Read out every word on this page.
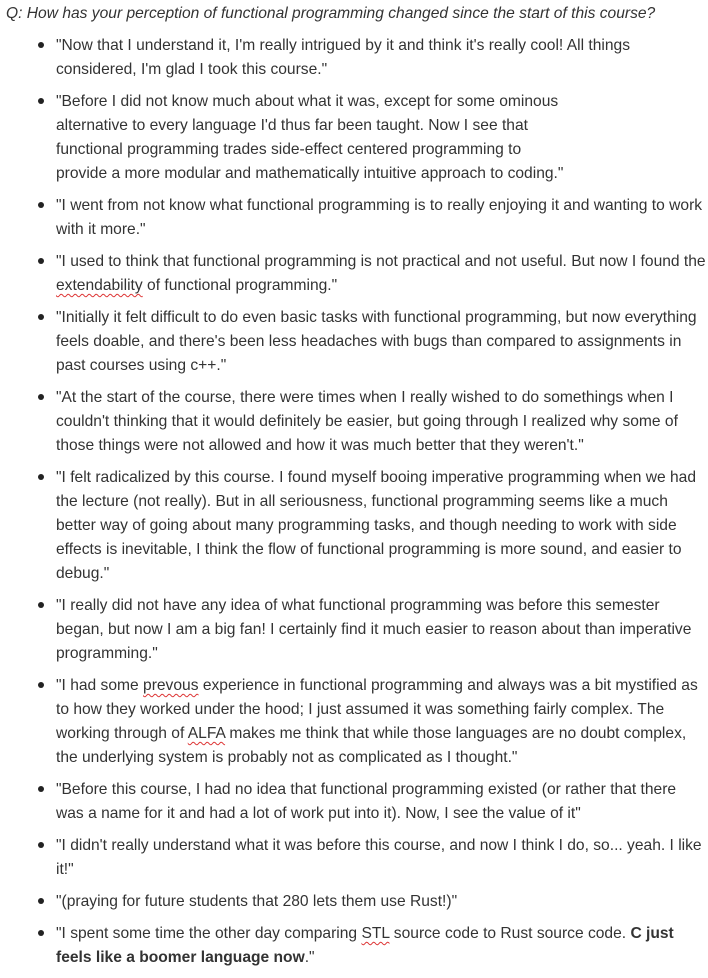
Q: How has your perception of functional programming changed since the start of this course?
"Now that I understand it, I'm really intrigued by it and think it's really cool! All things considered, I'm glad I took this course."
"Before I did not know much about what it was, except for some ominous
alternative to every language I'd thus far been taught. Now I see that
functional programming trades side-effect centered programming to
provide a more modular and mathematically intuitive approach to coding."
"I went from not know what functional programming is to really enjoying it and wanting to work with it more."
"I used to think that functional programming is not practical and not useful. But now I found the extendability of functional programming."
"Initially it felt difficult to do even basic tasks with functional programming, but now everything feels doable, and there's been less headaches with bugs than compared to assignments in past courses using c++."
"At the start of the course, there were times when I really wished to do somethings when I couldn't thinking that it would definitely be easier, but going through I realized why some of those things were not allowed and how it was much better that they weren't."
"I felt radicalized by this course. I found myself booing imperative programming when we had the lecture (not really). But in all seriousness, functional programming seems like a much better way of going about many programming tasks, and though needing to work with side effects is inevitable, I think the flow of functional programming is more sound, and easier to debug."
"I really did not have any idea of what functional programming was before this semester began, but now I am a big fan! I certainly find it much easier to reason about than imperative programming."
"I had some prevous experience in functional programming and always was a bit mystified as to how they worked under the hood; I just assumed it was something fairly complex. The working through of ALFA makes me think that while those languages are no doubt complex, the underlying system is probably not as complicated as I thought."
"Before this course, I had no idea that functional programming existed (or rather that there was a name for it and had a lot of work put into it). Now, I see the value of it"
"I didn't really understand what it was before this course, and now I think I do, so... yeah. I like it!"
"(praying for future students that 280 lets them use Rust!)"
"I spent some time the other day comparing STL source code to Rust source code. C just feels like a boomer language now."
